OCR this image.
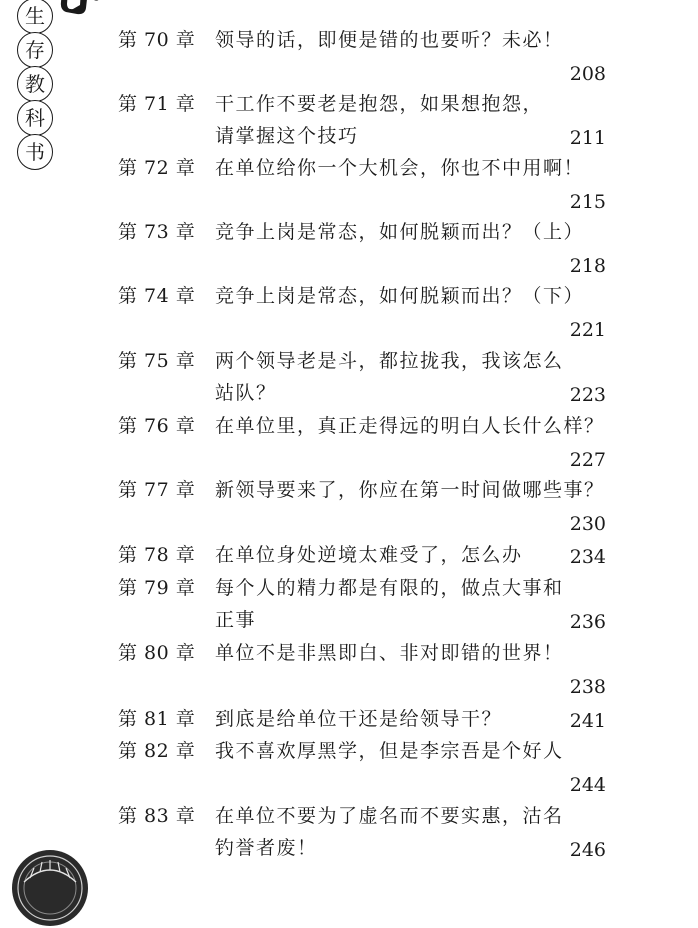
生
存
教
科
书
第 70 章 领导的话，即便是错的也要听？未必！
208
第 71 章 干工作不要老是抱怨，如果想抱怨，
请掌握这个技巧	211
第 72 章 在单位给你一个大机会，你也不中用啊！
215
第 73 章 竞争上岗是常态，如何脱颖而出？（上）
218
第 74 章 竞争上岗是常态，如何脱颖而出？（下）
221
第 75 章 两个领导老是斗，都拉拢我，我该怎么
站队？	223
第 76 章 在单位里，真正走得远的明白人长什么样？
227
第 77 章 新领导要来了，你应在第一时间做哪些事？
230
第 78 章 在单位身处逆境太难受了，怎么办	234
第 79 章 每个人的精力都是有限的，做点大事和
正事	236
第 80 章 单位不是非黑即白、非对即错的世界！
238
第 81 章 到底是给单位干还是给领导干？	241
第 82 章 我不喜欢厚黑学，但是李宗吾是个好人
244
第 83 章 在单位不要为了虚名而不要实惠，沽名
钓誉者废！	246
